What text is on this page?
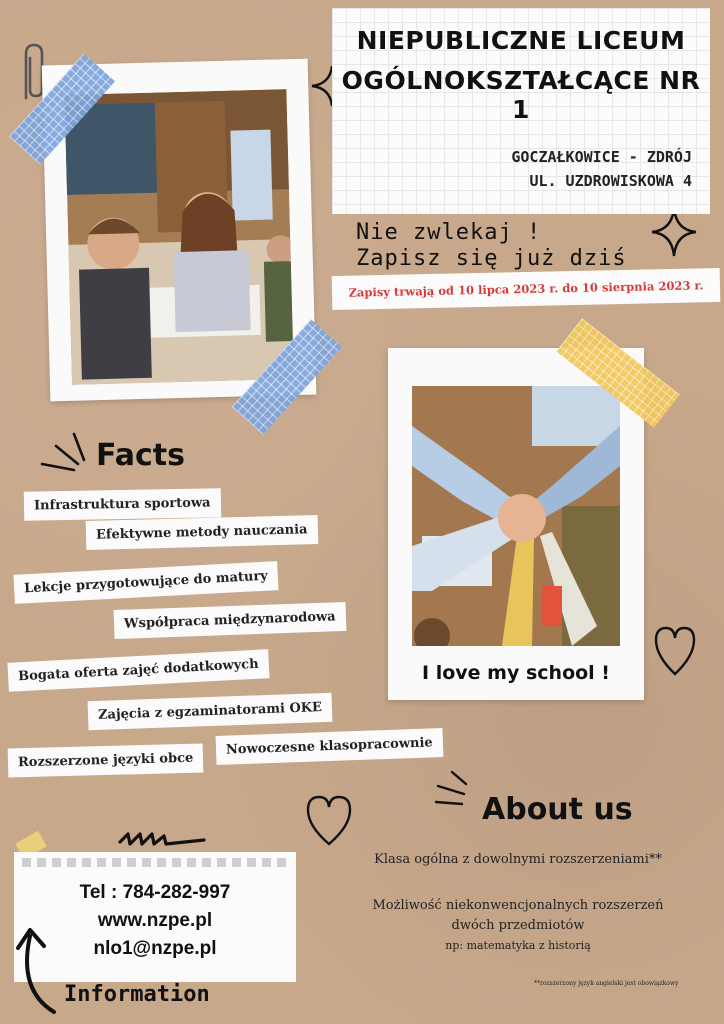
NIEPUBLICZNE LICEUM
OGÓLNOKSZTAŁCĄCE NR 1
GOCZAŁKOWICE - ZDRÓJ
UL. UZDROWISKOWA 4
Nie zwlekaj !
Zapisz się już dziś
Zapisy trwają od 10 lipca 2023 r. do 10 sierpnia 2023 r.
I love my school !
Facts
Infrastruktura sportowa
Efektywne metody nauczania
Lekcje przygotowujące do matury
Współpraca międzynarodowa
Bogata oferta zajęć dodatkowych
Zajęcia z egzaminatorami OKE
Rozszerzone języki obce
Nowoczesne klasopracownie
About us
Klasa ogólna z dowolnymi rozszerzeniami**
Możliwość niekonwencjonalnych rozszerzeń
dwóch przedmiotów
np: matematyka z historią
**rozszerzony język angielski jest obowiązkowy
Tel : 784-282-997
www.nzpe.pl
nlo1@nzpe.pl
Information
